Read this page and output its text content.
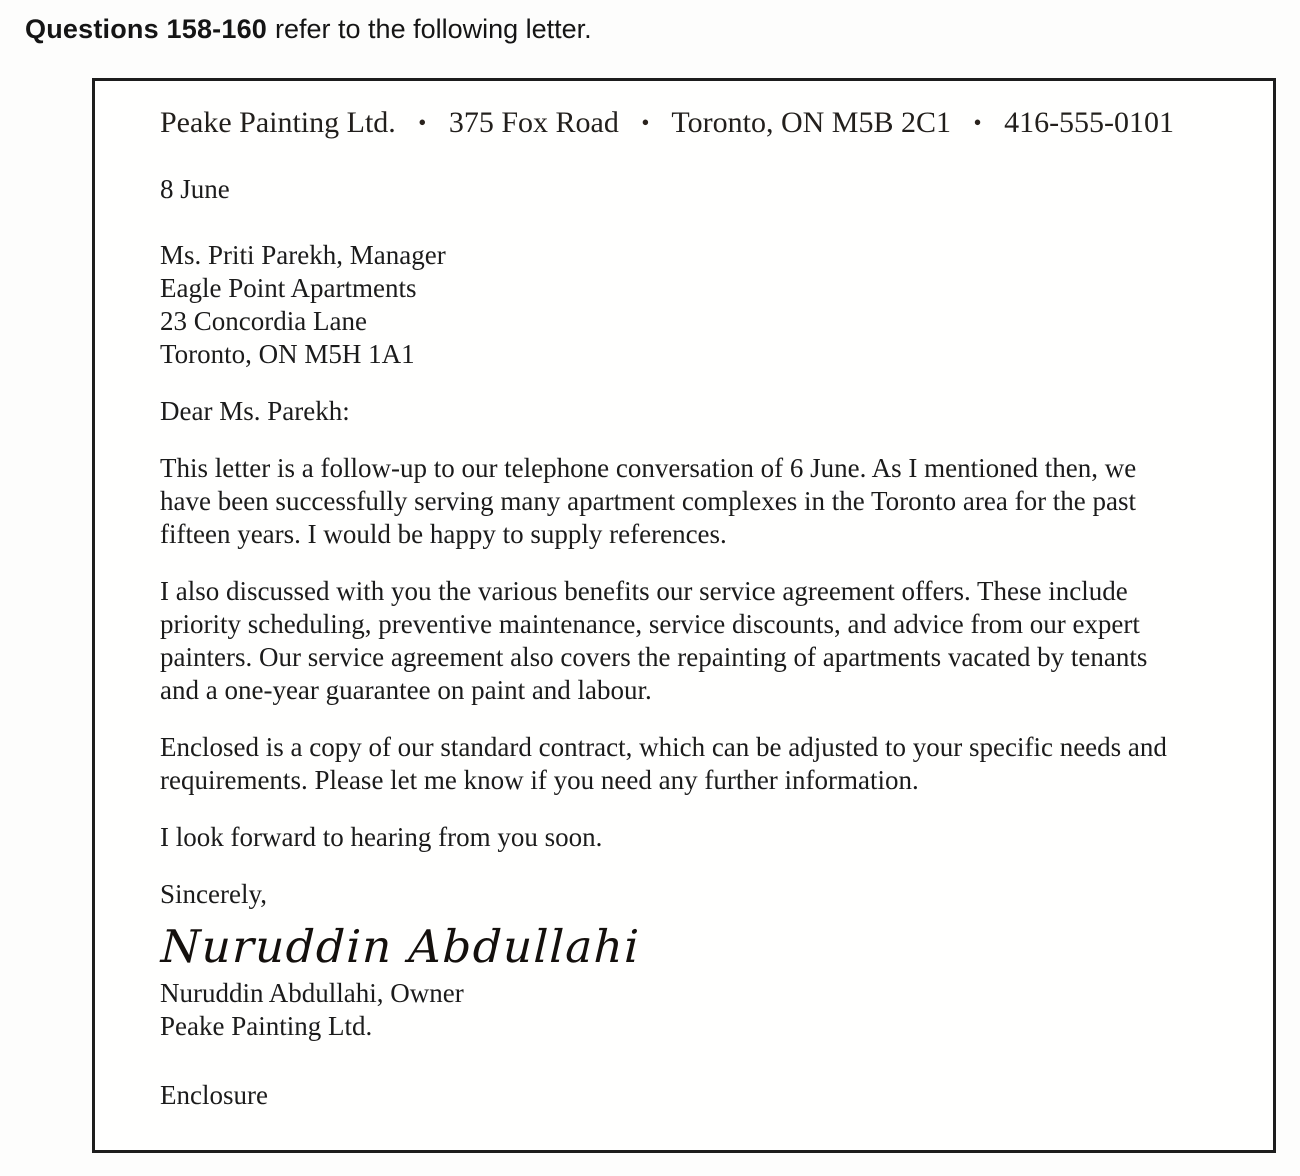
Questions 158-160 refer to the following letter.
Peake Painting Ltd. • 375 Fox Road • Toronto, ON M5B 2C1 • 416-555-0101
8 June
Ms. Priti Parekh, Manager
Eagle Point Apartments
23 Concordia Lane
Toronto, ON M5H 1A1
Dear Ms. Parekh:

This letter is a follow-up to our telephone conversation of 6 June. As I mentioned then, we have been successfully serving many apartment complexes in the Toronto area for the past fifteen years. I would be happy to supply references.

I also discussed with you the various benefits our service agreement offers. These include priority scheduling, preventive maintenance, service discounts, and advice from our expert painters. Our service agreement also covers the repainting of apartments vacated by tenants and a one-year guarantee on paint and labour.

Enclosed is a copy of our standard contract, which can be adjusted to your specific needs and requirements. Please let me know if you need any further information.

I look forward to hearing from you soon.

Sincerely,
Nuruddin Abdullahi
Nuruddin Abdullahi, Owner
Peake Painting Ltd.
Enclosure
